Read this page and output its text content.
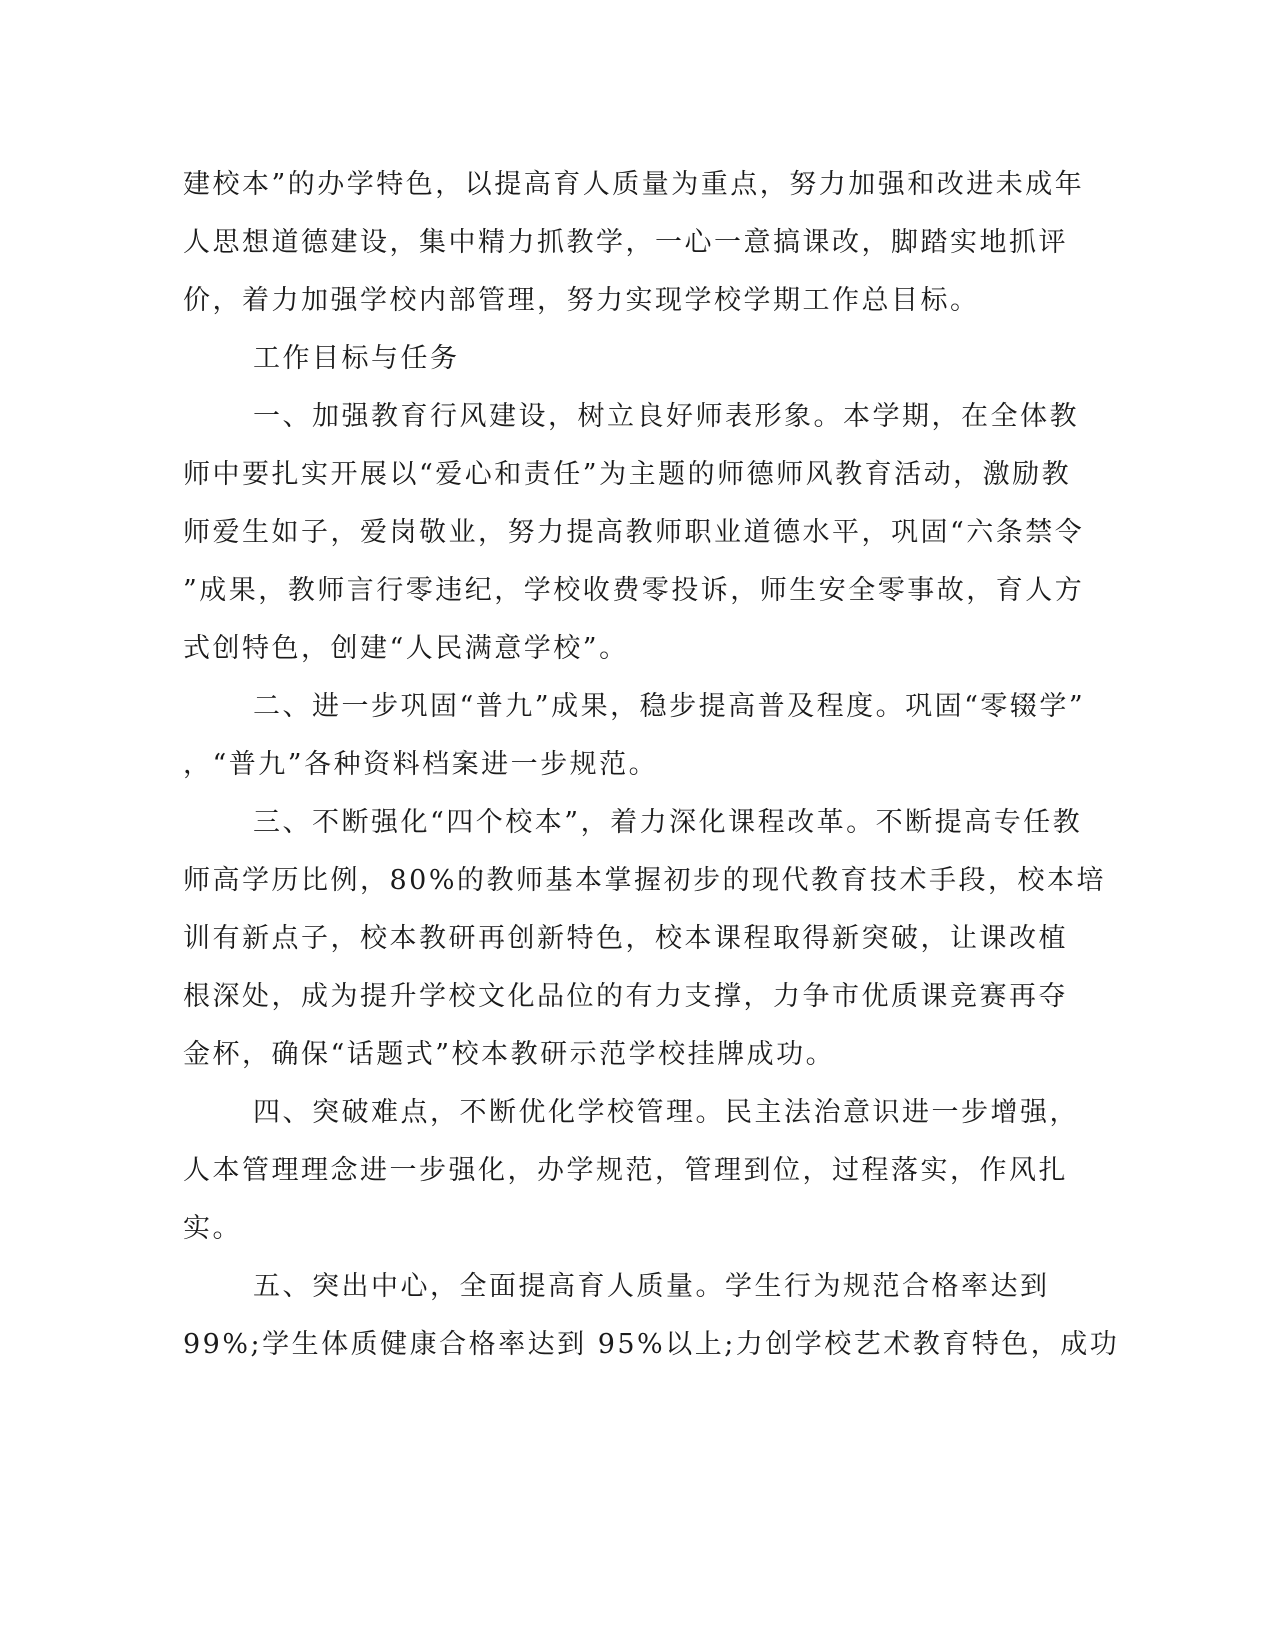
建校本”的办学特色，以提高育人质量为重点，努力加强和改进未成年
人思想道德建设，集中精力抓教学，一心一意搞课改，脚踏实地抓评
价，着力加强学校内部管理，努力实现学校学期工作总目标。
工作目标与任务
一、加强教育行风建设，树立良好师表形象。本学期，在全体教
师中要扎实开展以“爱心和责任”为主题的师德师风教育活动，激励教
师爱生如子，爱岗敬业，努力提高教师职业道德水平，巩固“六条禁令
”成果，教师言行零违纪，学校收费零投诉，师生安全零事故，育人方
式创特色，创建“人民满意学校”。
二、进一步巩固“普九”成果，稳步提高普及程度。巩固“零辍学”
，“普九”各种资料档案进一步规范。
三、不断强化“四个校本”，着力深化课程改革。不断提高专任教
师高学历比例，80%的教师基本掌握初步的现代教育技术手段，校本培
训有新点子，校本教研再创新特色，校本课程取得新突破，让课改植
根深处，成为提升学校文化品位的有力支撑，力争市优质课竞赛再夺
金杯，确保“话题式”校本教研示范学校挂牌成功。
四、突破难点，不断优化学校管理。民主法治意识进一步增强，
人本管理理念进一步强化，办学规范，管理到位，过程落实，作风扎
实。
五、突出中心，全面提高育人质量。学生行为规范合格率达到
99%;学生体质健康合格率达到 95%以上;力创学校艺术教育特色，成功
